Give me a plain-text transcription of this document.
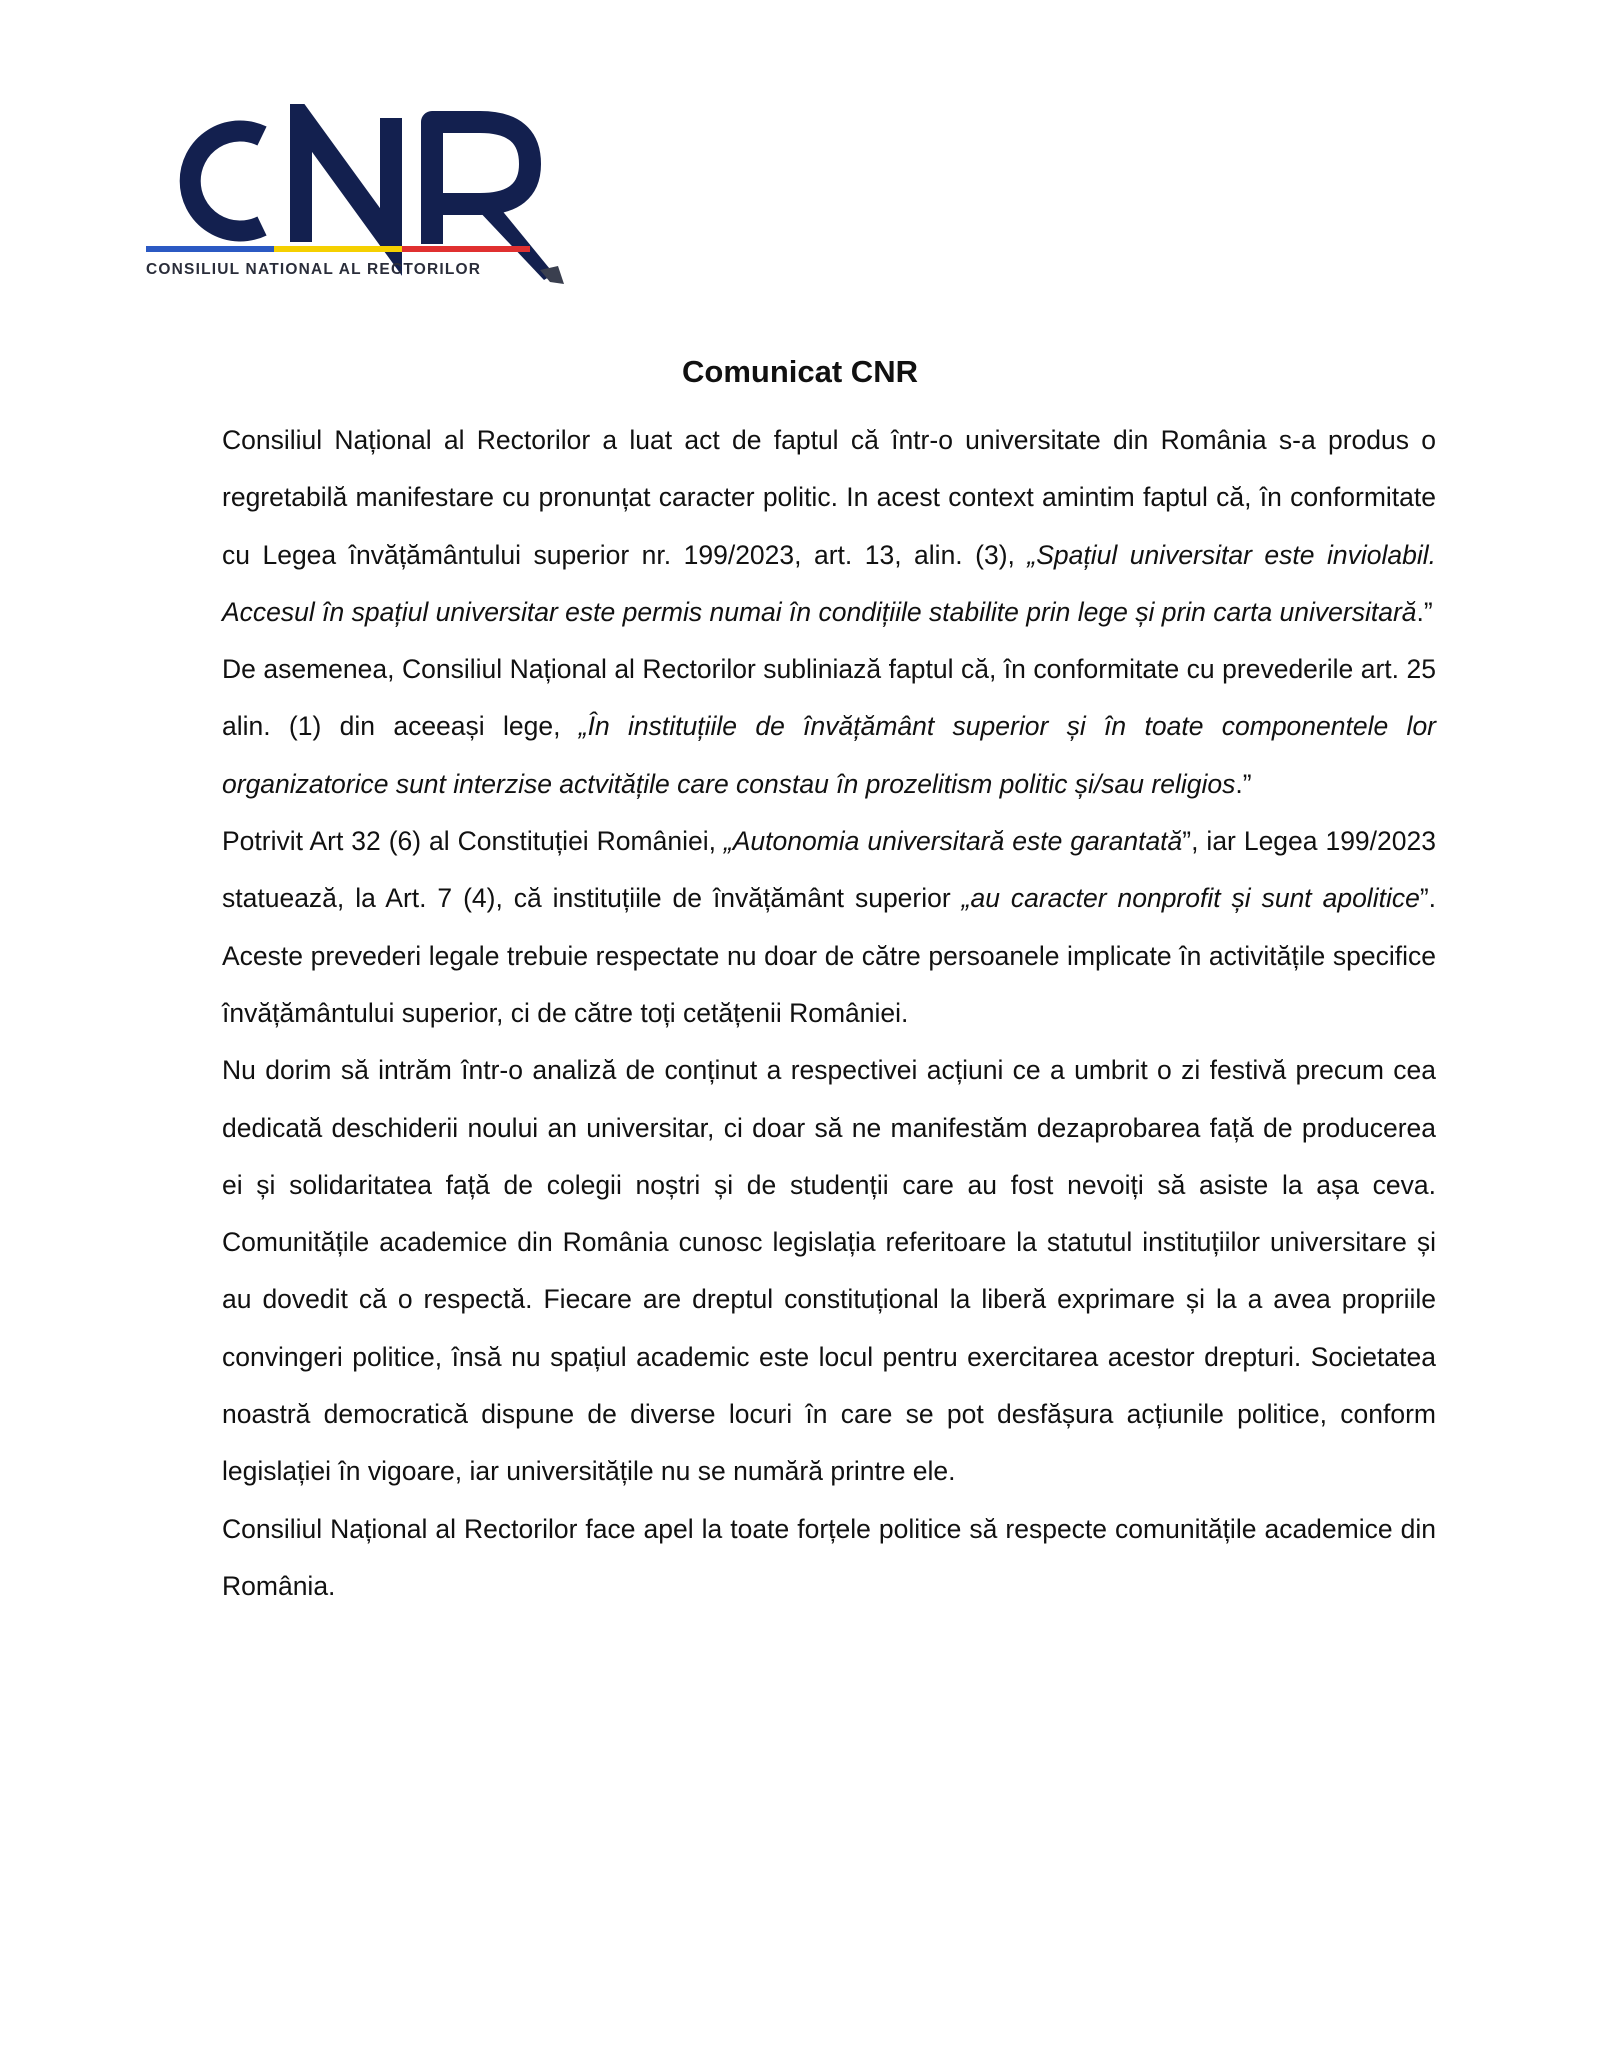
CONSILIUL NATIONAL AL RECTORILOR
Comunicat CNR

Consiliul Național al Rectorilor a luat act de faptul că într-o universitate din România s-a produs o regretabilă manifestare cu pronunțat caracter politic. In acest context amintim faptul că, în conformitate cu Legea învățământului superior nr. 199/2023, art. 13, alin. (3), „Spațiul universitar este inviolabil. Accesul în spațiul universitar este permis numai în condițiile stabilite prin lege și prin carta universitară.”

De asemenea, Consiliul Național al Rectorilor subliniază faptul că, în conformitate cu prevederile art. 25 alin. (1) din aceeași lege, „În instituțiile de învățământ superior și în toate componentele lor organizatorice sunt interzise actvitățile care constau în prozelitism politic și/sau religios.”

Potrivit Art 32 (6) al Constituției României, „Autonomia universitară este garantată”, iar Legea 199/2023 statuează, la Art. 7 (4), că instituțiile de învățământ superior „au caracter nonprofit și sunt apolitice”. Aceste prevederi legale trebuie respectate nu doar de către persoanele implicate în activitățile specifice învățământului superior, ci de către toți cetățenii României.

Nu dorim să intrăm într-o analiză de conținut a respectivei acțiuni ce a umbrit o zi festivă precum cea dedicată deschiderii noului an universitar, ci doar să ne manifestăm dezaprobarea față de producerea ei și solidaritatea față de colegii noștri și de studenții care au fost nevoiți să asiste la așa ceva. Comunitățile academice din România cunosc legislația referitoare la statutul instituțiilor universitare și au dovedit că o respectă. Fiecare are dreptul constituțional la liberă exprimare și la a avea propriile convingeri politice, însă nu spațiul academic este locul pentru exercitarea acestor drepturi. Societatea noastră democratică dispune de diverse locuri în care se pot desfășura acțiunile politice, conform legislației în vigoare, iar universitățile nu se numără printre ele.

Consiliul Național al Rectorilor face apel la toate forțele politice să respecte comunitățile academice din România.
